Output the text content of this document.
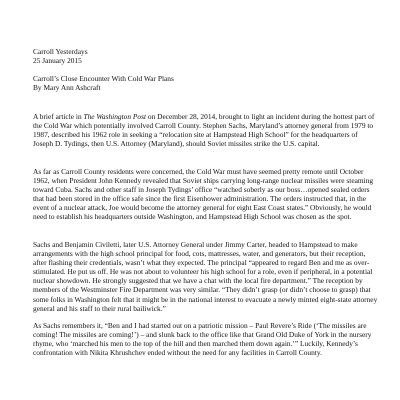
Carroll Yesterdays
25 January 2015
Carroll’s Close Encounter With Cold War Plans
By Mary Ann Ashcraft

A brief article in The Washington Post on December 28, 2014, brought to light an incident during the hottest part of the Cold War which potentially involved Carroll County. Stephen Sachs, Maryland’s attorney general from 1979 to 1987, described his 1962 role in seeking a “relocation site at Hampstead High School” for the headquarters of Joseph D. Tydings, then U.S. Attorney (Maryland), should Soviet missiles strike the U.S. capital.

As far as Carroll County residents were concerned, the Cold War must have seemed pretty remote until October 1962, when President John Kennedy revealed that Soviet ships carrying long-range nuclear missiles were steaming toward Cuba. Sachs and other staff in Joseph Tydings’ office “watched soberly as our boss…opened sealed orders that had been stored in the office safe since the first Eisenhower administration. The orders instructed that, in the event of a nuclear attack, Joe would become the attorney general for eight East Coast states.” Obviously, he would need to establish his headquarters outside Washington, and Hampstead High School was chosen as the spot.

Sachs and Benjamin Civiletti, later U.S. Attorney General under Jimmy Carter, headed to Hampstead to make arrangements with the high school principal for food, cots, mattresses, water, and generators, but their reception, after flashing their credentials, wasn’t what they expected. The principal “appeared to regard Ben and me as over-stimulated. He put us off. He was not about to volunteer his high school for a role, even if peripheral, in a potential nuclear showdown. He strongly suggested that we have a chat with the local fire department.” The reception by members of the Westminster Fire Department was very similar. “They didn’t grasp (or didn’t choose to grasp) that some folks in Washington felt that it might be in the national interest to evacuate a newly minted eight-state attorney general and his staff to their rural bailiwick.”

As Sachs remembers it, “Ben and I had started out on a patriotic mission – Paul Revere’s Ride (‘The missiles are coming! The missiles are coming!’) – and slunk back to the office like that Grand Old Duke of York in the nursery rhyme, who ‘marched his men to the top of the hill and then marched them down again.’” Luckily, Kennedy’s confrontation with Nikita Khrushchev ended without the need for any facilities in Carroll County.
